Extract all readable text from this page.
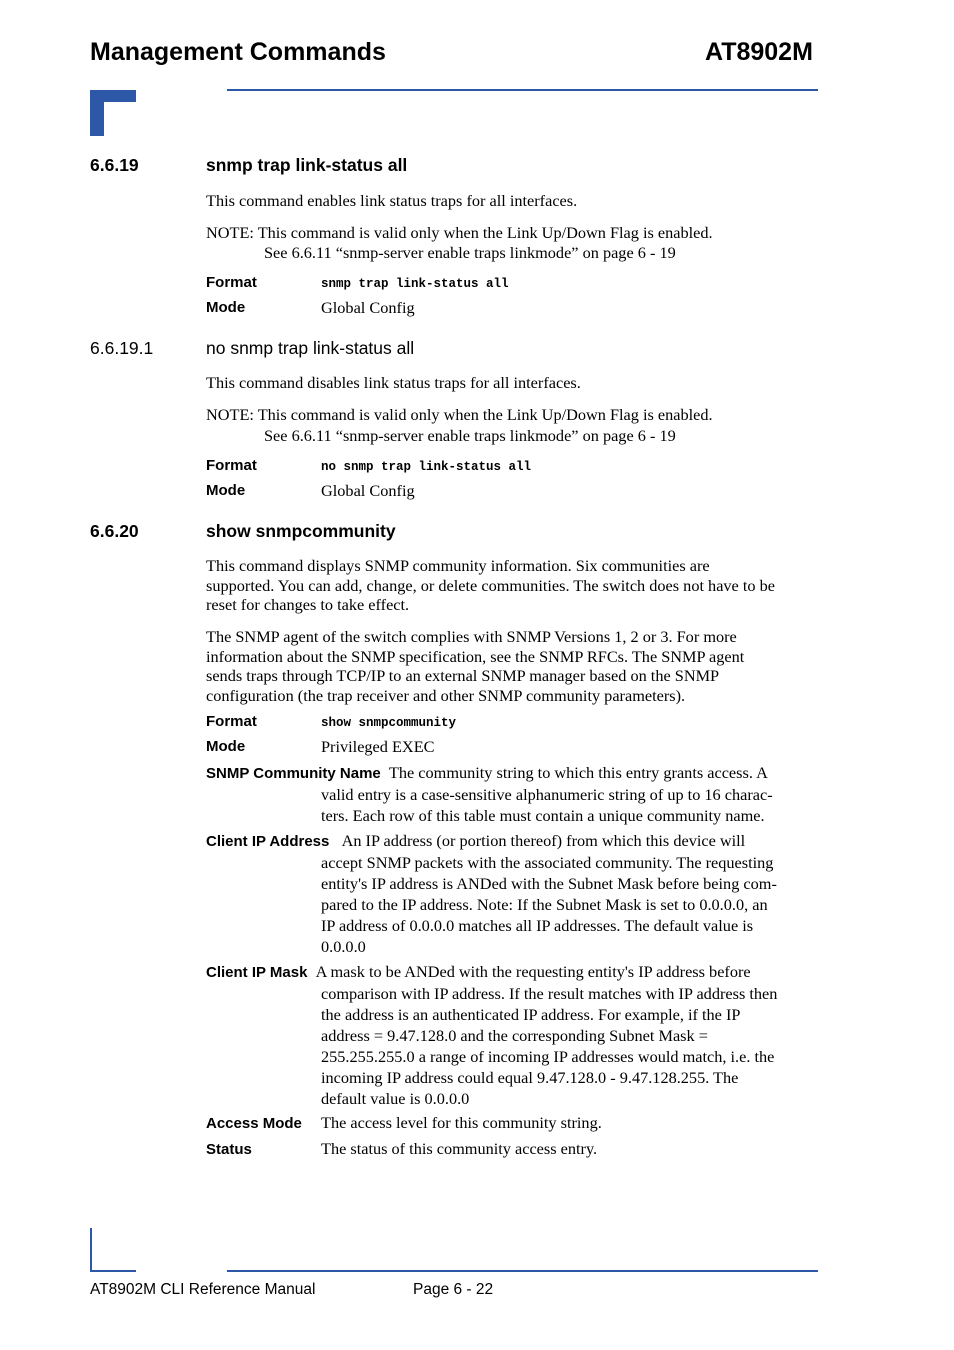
Management Commands	AT8902M
6.6.19	snmp trap link-status all
This command enables link status traps for all interfaces.
NOTE: This command is valid only when the Link Up/Down Flag is enabled.
See 6.6.11 “snmp-server enable traps linkmode” on page 6 - 19
Format	snmp trap link-status all
Mode	Global Config
6.6.19.1	no snmp trap link-status all
This command disables link status traps for all interfaces.
NOTE: This command is valid only when the Link Up/Down Flag is enabled.
See 6.6.11 “snmp-server enable traps linkmode” on page 6 - 19
Format	no snmp trap link-status all
Mode	Global Config
6.6.20	show snmpcommunity
This command displays SNMP community information. Six communities are
supported. You can add, change, or delete communities. The switch does not have to be
reset for changes to take effect.
The SNMP agent of the switch complies with SNMP Versions 1, 2 or 3. For more
information about the SNMP specification, see the SNMP RFCs. The SNMP agent
sends traps through TCP/IP to an external SNMP manager based on the SNMP
configuration (the trap receiver and other SNMP community parameters).
Format	show snmpcommunity
Mode	Privileged EXEC
SNMP Community Name The community string to which this entry grants access. A
valid entry is a case-sensitive alphanumeric string of up to 16 charac-
ters. Each row of this table must contain a unique community name.
Client IP Address An IP address (or portion thereof) from which this device will
accept SNMP packets with the associated community. The requesting
entity's IP address is ANDed with the Subnet Mask before being com-
pared to the IP address. Note: If the Subnet Mask is set to 0.0.0.0, an
IP address of 0.0.0.0 matches all IP addresses. The default value is
0.0.0.0
Client IP Mask A mask to be ANDed with the requesting entity's IP address before
comparison with IP address. If the result matches with IP address then
the address is an authenticated IP address. For example, if the IP
address = 9.47.128.0 and the corresponding Subnet Mask =
255.255.255.0 a range of incoming IP addresses would match, i.e. the
incoming IP address could equal 9.47.128.0 - 9.47.128.255. The
default value is 0.0.0.0
Access Mode The access level for this community string.
Status	The status of this community access entry.
AT8902M CLI Reference Manual	Page 6 - 22
